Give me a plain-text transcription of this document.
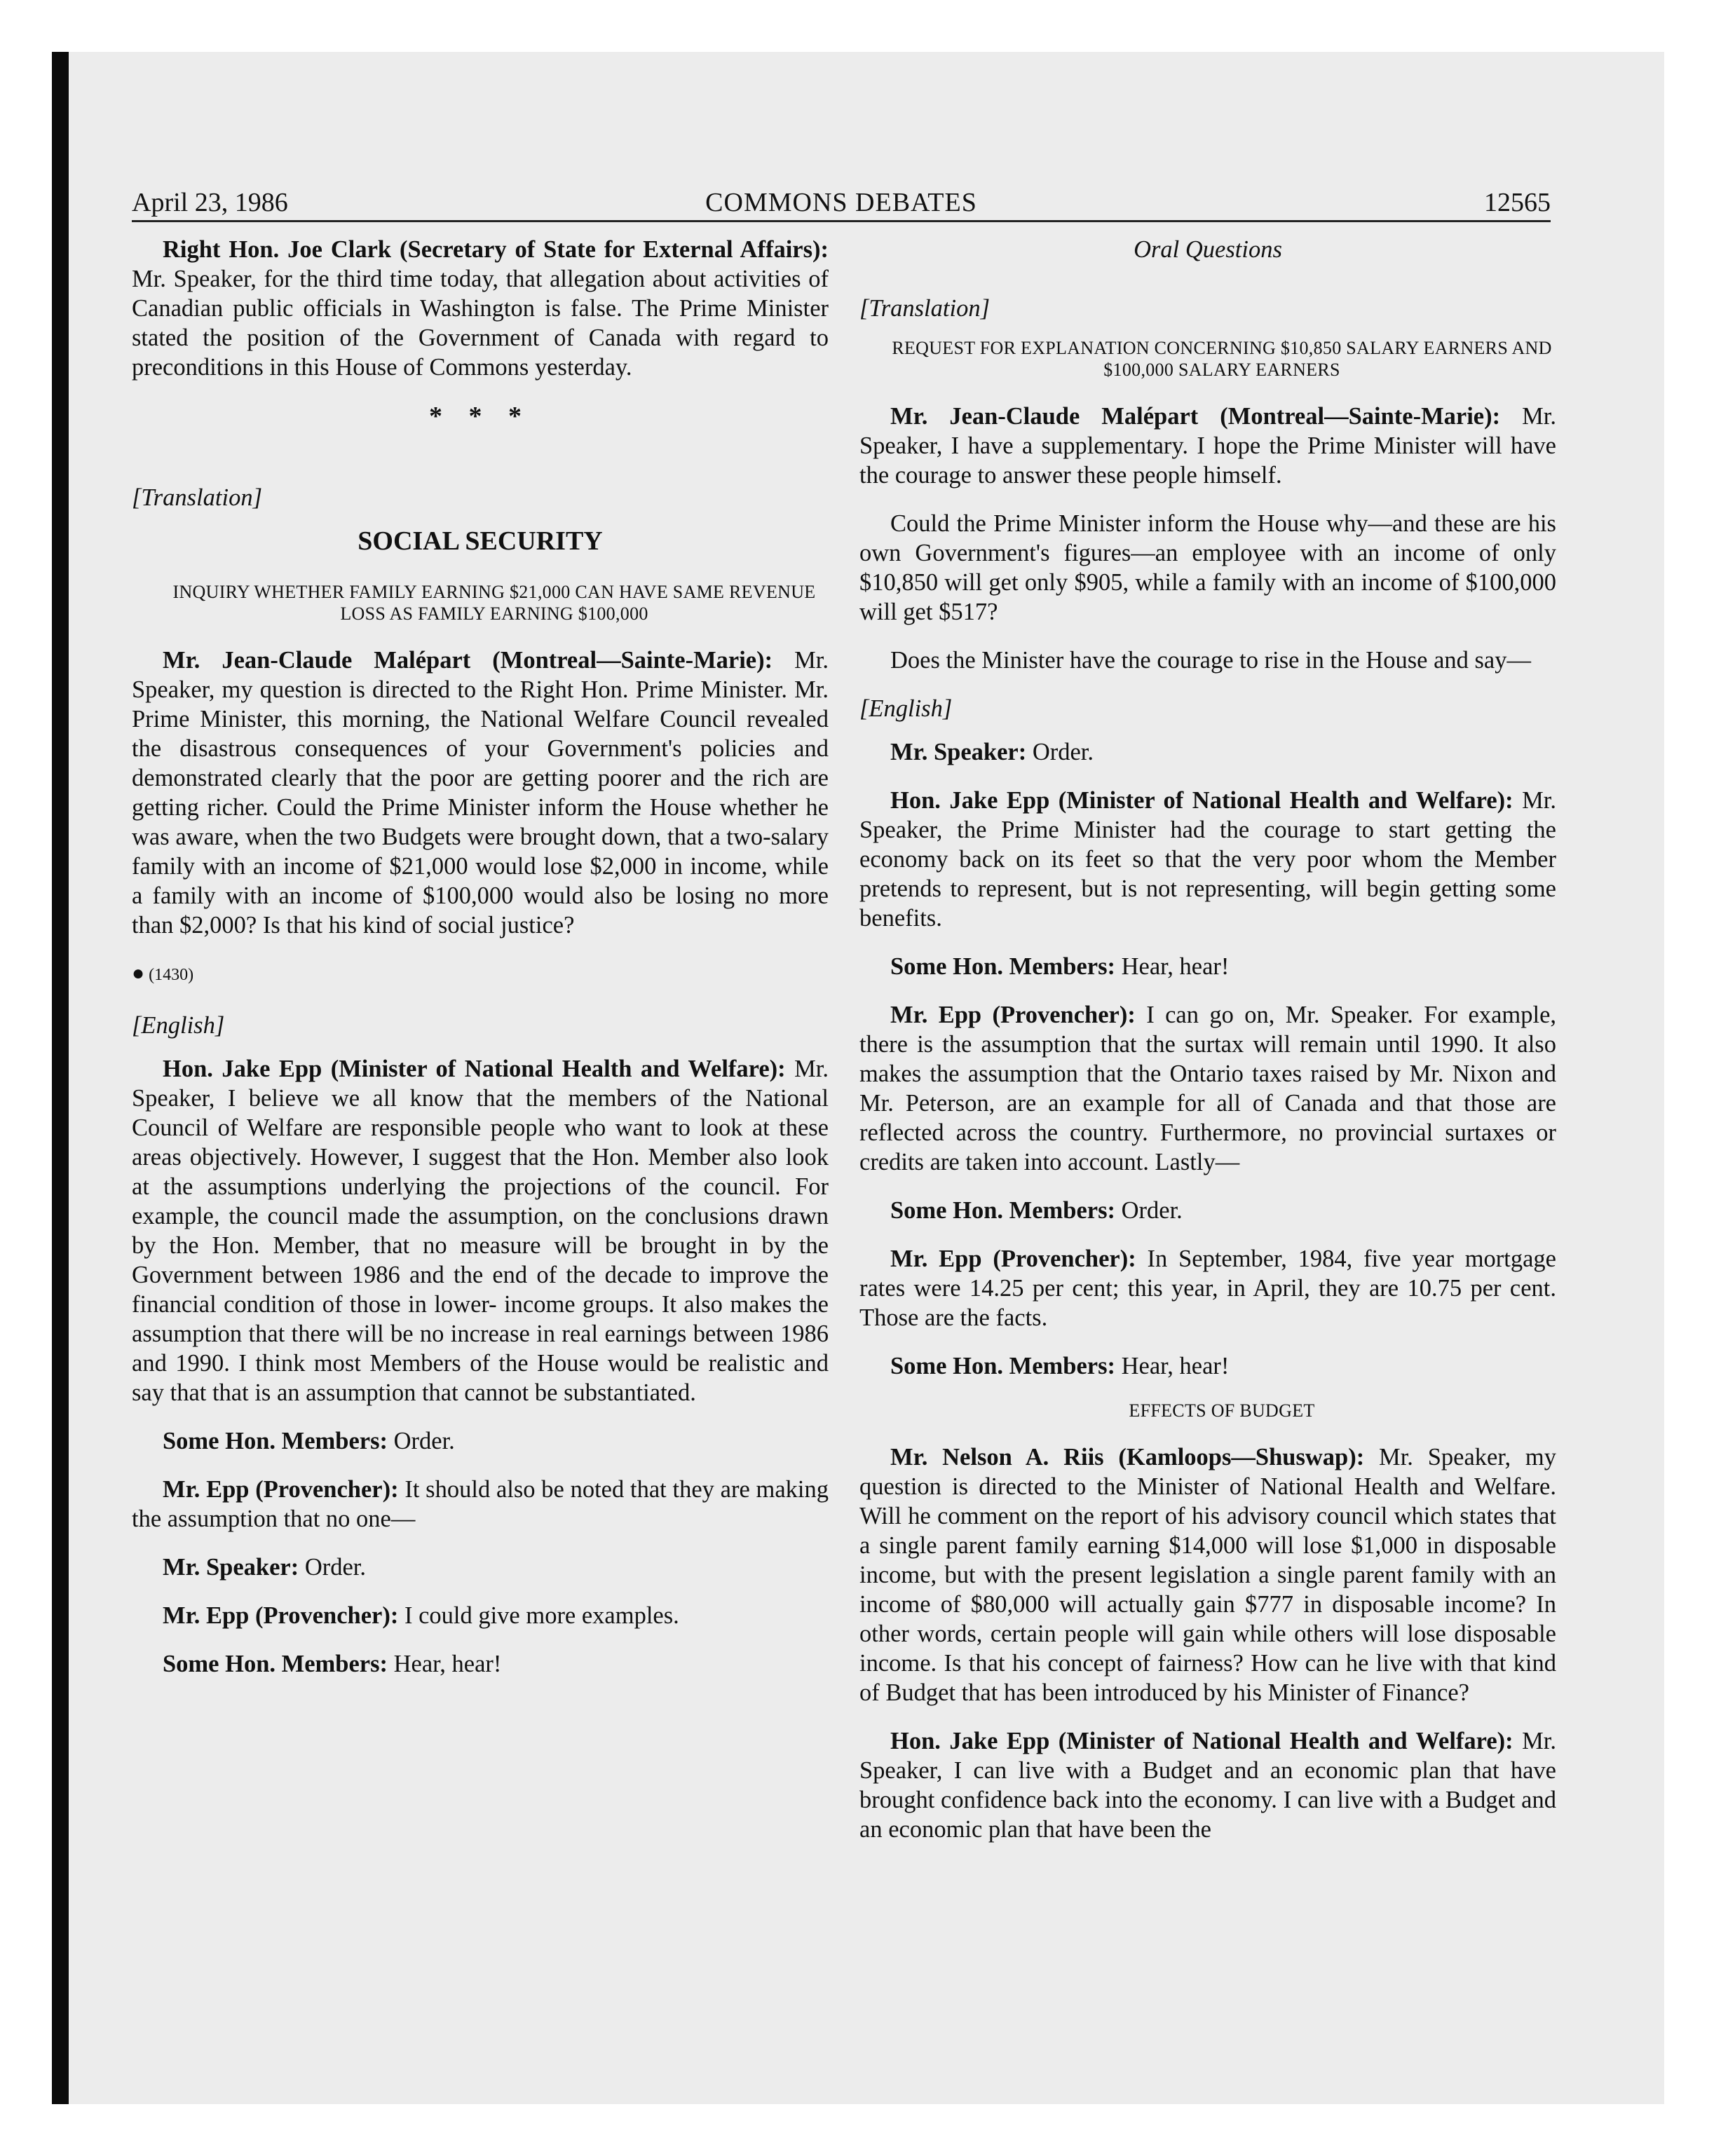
April 23, 1986	COMMONS DEBATES	12565

Right Hon. Joe Clark (Secretary of State for External Affairs): Mr. Speaker, for the third time today, that allegation about activities of Canadian public officials in Washington is false. The Prime Minister stated the position of the Government of Canada with regard to preconditions in this House of Commons yesterday.

* * *
[Translation]
SOCIAL SECURITY
INQUIRY WHETHER FAMILY EARNING $21,000 CAN HAVE SAME REVENUE LOSS AS FAMILY EARNING $100,000

Mr. Jean-Claude Malépart (Montreal—Sainte-Marie): Mr. Speaker, my question is directed to the Right Hon. Prime Minister. Mr. Prime Minister, this morning, the National Welfare Council revealed the disastrous consequences of your Government's policies and demonstrated clearly that the poor are getting poorer and the rich are getting richer. Could the Prime Minister inform the House whether he was aware, when the two Budgets were brought down, that a two-salary family with an income of $21,000 would lose $2,000 in income, while a family with an income of $100,000 would also be losing no more than $2,000? Is that his kind of social justice?

● (1430)
[English]

Hon. Jake Epp (Minister of National Health and Welfare): Mr. Speaker, I believe we all know that the members of the National Council of Welfare are responsible people who want to look at these areas objectively. However, I suggest that the Hon. Member also look at the assumptions underlying the projections of the council. For example, the council made the assumption, on the conclusions drawn by the Hon. Member, that no measure will be brought in by the Government between 1986 and the end of the decade to improve the financial condition of those in lower- income groups. It also makes the assumption that there will be no increase in real earnings between 1986 and 1990. I think most Members of the House would be realistic and say that that is an assumption that cannot be substantiated.

Some Hon. Members: Order.

Mr. Epp (Provencher): It should also be noted that they are making the assumption that no one—

Mr. Speaker: Order.

Mr. Epp (Provencher): I could give more examples.

Some Hon. Members: Hear, hear!

Oral Questions
[Translation]
REQUEST FOR EXPLANATION CONCERNING $10,850 SALARY EARNERS AND $100,000 SALARY EARNERS

Mr. Jean-Claude Malépart (Montreal—Sainte-Marie): Mr. Speaker, I have a supplementary. I hope the Prime Minister will have the courage to answer these people himself.

Could the Prime Minister inform the House why—and these are his own Government's figures—an employee with an income of only $10,850 will get only $905, while a family with an income of $100,000 will get $517?

Does the Minister have the courage to rise in the House and say—

[English]

Mr. Speaker: Order.

Hon. Jake Epp (Minister of National Health and Welfare): Mr. Speaker, the Prime Minister had the courage to start getting the economy back on its feet so that the very poor whom the Member pretends to represent, but is not representing, will begin getting some benefits.

Some Hon. Members: Hear, hear!

Mr. Epp (Provencher): I can go on, Mr. Speaker. For example, there is the assumption that the surtax will remain until 1990. It also makes the assumption that the Ontario taxes raised by Mr. Nixon and Mr. Peterson, are an example for all of Canada and that those are reflected across the country. Furthermore, no provincial surtaxes or credits are taken into account. Lastly—

Some Hon. Members: Order.

Mr. Epp (Provencher): In September, 1984, five year mortgage rates were 14.25 per cent; this year, in April, they are 10.75 per cent. Those are the facts.

Some Hon. Members: Hear, hear!

EFFECTS OF BUDGET

Mr. Nelson A. Riis (Kamloops—Shuswap): Mr. Speaker, my question is directed to the Minister of National Health and Welfare. Will he comment on the report of his advisory council which states that a single parent family earning $14,000 will lose $1,000 in disposable income, but with the present legislation a single parent family with an income of $80,000 will actually gain $777 in disposable income? In other words, certain people will gain while others will lose disposable income. Is that his concept of fairness? How can he live with that kind of Budget that has been introduced by his Minister of Finance?

Hon. Jake Epp (Minister of National Health and Welfare): Mr. Speaker, I can live with a Budget and an economic plan that have brought confidence back into the economy. I can live with a Budget and an economic plan that have been the
